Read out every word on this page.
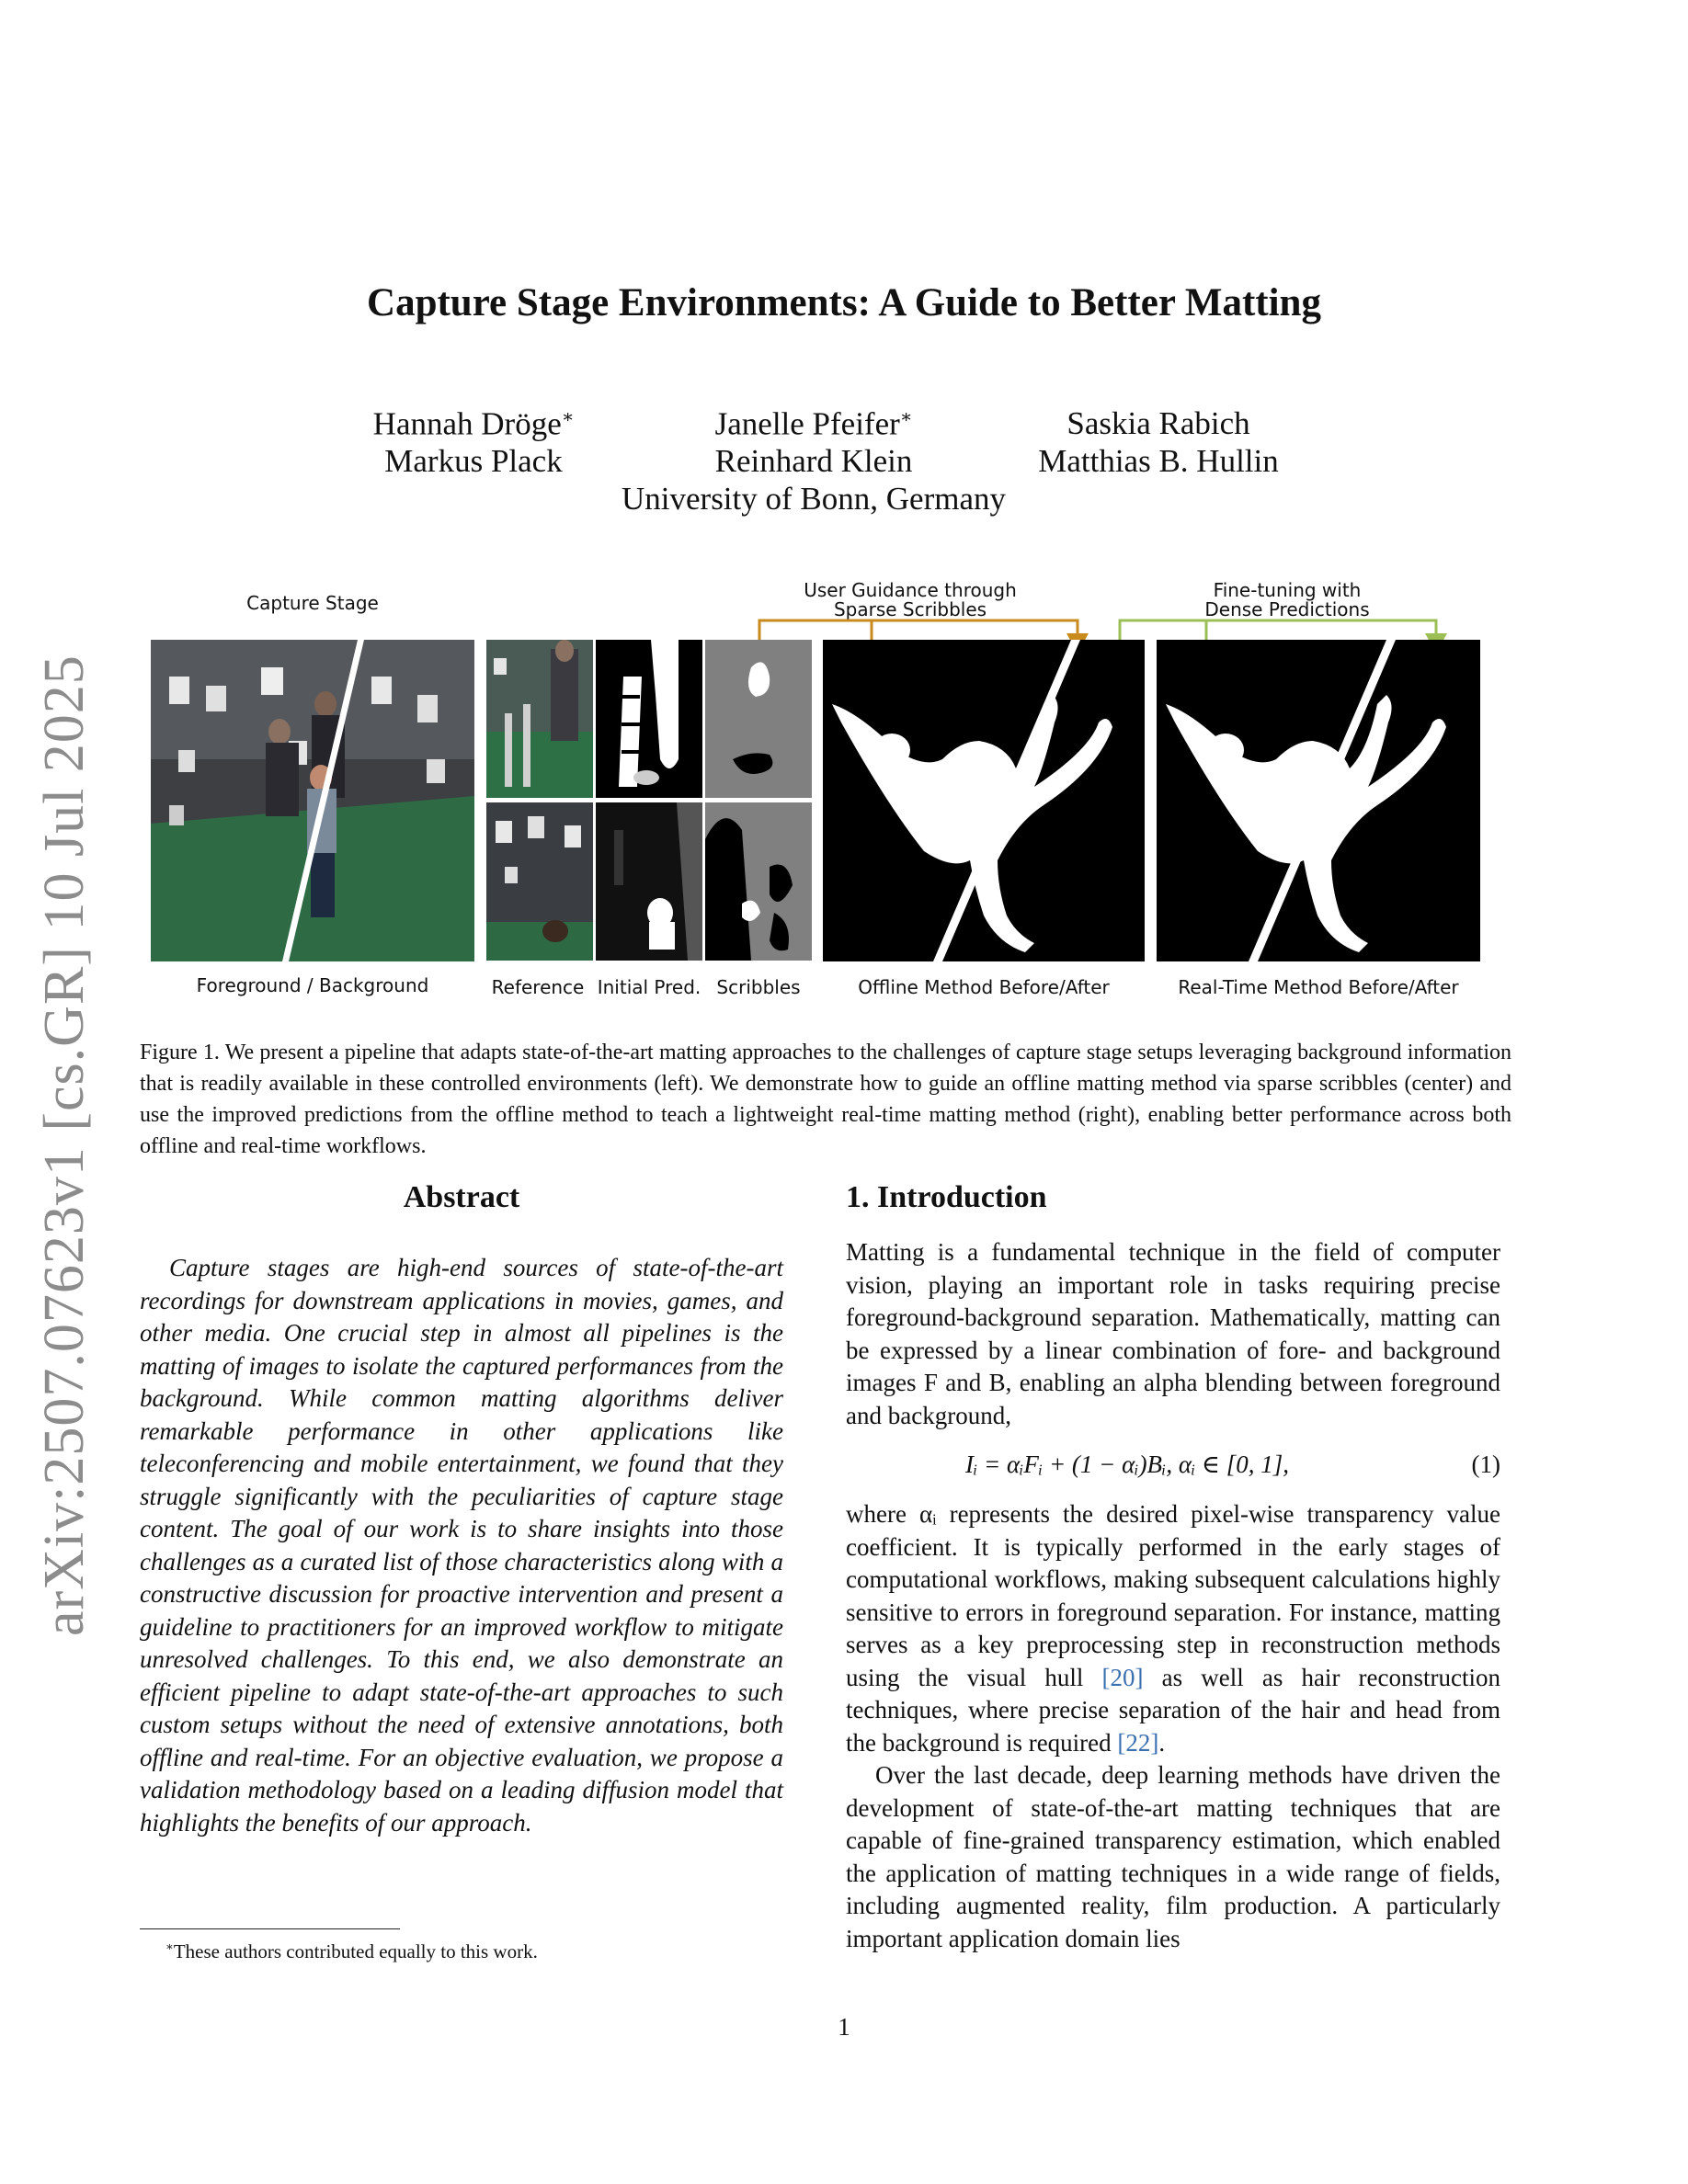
arXiv:2507.07623v1 [cs.GR] 10 Jul 2025
Capture Stage Environments: A Guide to Better Matting
Hannah Dröge∗	Janelle Pfeifer∗	Saskia Rabich
Markus Plack	Reinhard Klein	Matthias B. Hullin
University of Bonn, Germany
Capture Stage
User Guidance through
Sparse Scribbles
Fine-tuning with
Dense Predictions
Foreground / Background	Reference Initial Pred. Scribbles	Offline Method Before/After	Real-Time Method Before/After
Figure 1. We present a pipeline that adapts state-of-the-art matting approaches to the challenges of capture stage setups leveraging background information that is readily available in these controlled environments (left). We demonstrate how to guide an offline matting method via sparse scribbles (center) and use the improved predictions from the offline method to teach a lightweight real-time matting method (right), enabling better performance across both offline and real-time workflows.
Abstract
Capture stages are high-end sources of state-of-the-art recordings for downstream applications in movies, games, and other media. One crucial step in almost all pipelines is the matting of images to isolate the captured performances from the background. While common matting algorithms deliver remarkable performance in other applications like teleconferencing and mobile entertainment, we found that they struggle significantly with the peculiarities of capture stage content. The goal of our work is to share insights into those challenges as a curated list of those characteristics along with a constructive discussion for proactive intervention and present a guideline to practitioners for an improved workflow to mitigate unresolved challenges. To this end, we also demonstrate an efficient pipeline to adapt state-of-the-art approaches to such custom setups without the need of extensive annotations, both offline and real-time. For an objective evaluation, we propose a validation methodology based on a leading diffusion model that highlights the benefits of our approach.
1. Introduction
Matting is a fundamental technique in the field of computer vision, playing an important role in tasks requiring precise foreground-background separation. Mathematically, matting can be expressed by a linear combination of fore- and background images F and B, enabling an alpha blending between foreground and background,
Iᵢ = αᵢFᵢ + (1 − αᵢ)Bᵢ, αᵢ ∈ [0, 1],	(1)
where αᵢ represents the desired pixel-wise transparency value coefficient. It is typically performed in the early stages of computational workflows, making subsequent calculations highly sensitive to errors in foreground separation. For instance, matting serves as a key preprocessing step in reconstruction methods using the visual hull [20] as well as hair reconstruction techniques, where precise separation of the hair and head from the background is required [22].
Over the last decade, deep learning methods have driven the development of state-of-the-art matting techniques that are capable of fine-grained transparency estimation, which enabled the application of matting techniques in a wide range of fields, including augmented reality, film production. A particularly important application domain lies
∗These authors contributed equally to this work.
1
